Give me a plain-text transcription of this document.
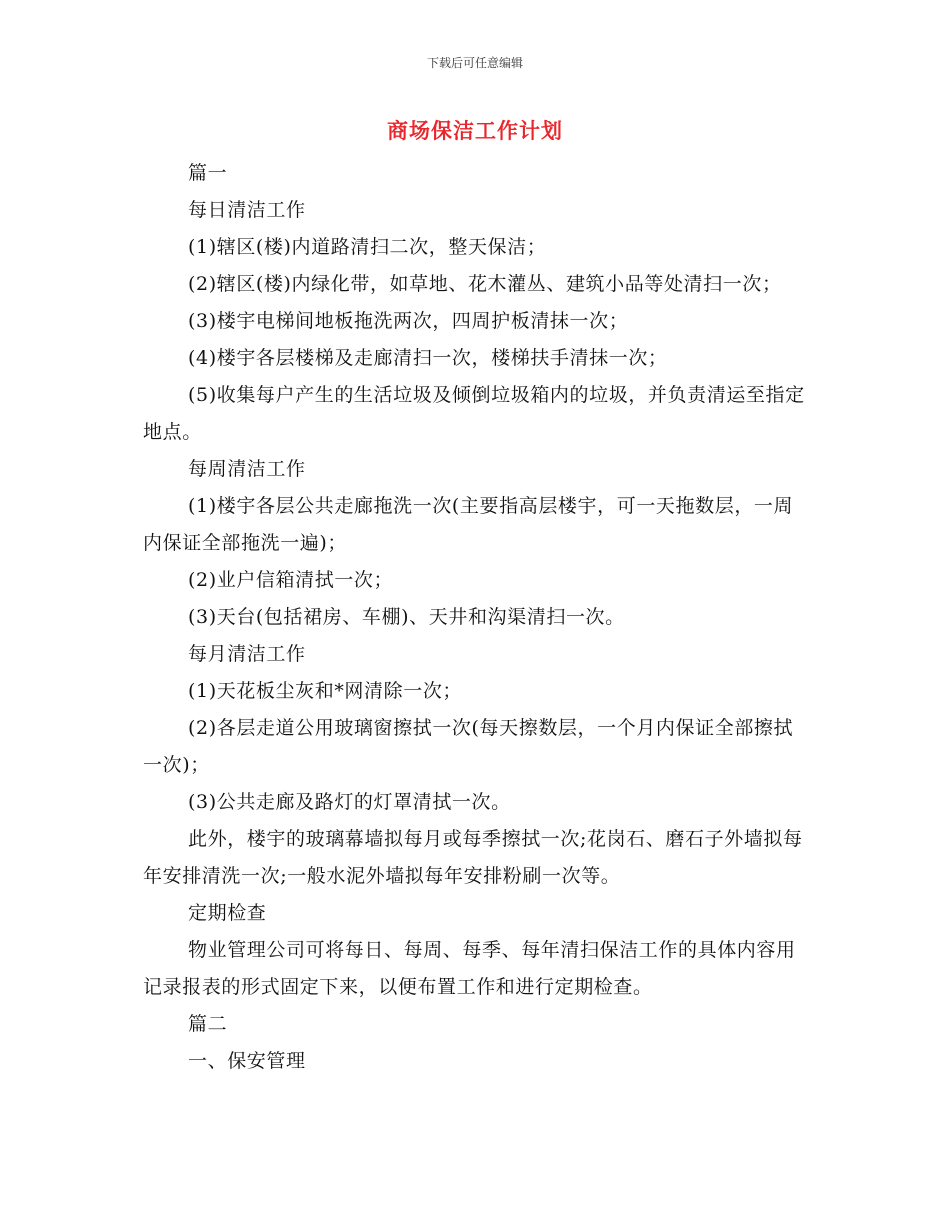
下载后可任意编辑
商场保洁工作计划

篇一

每日清洁工作

(1)辖区(楼)内道路清扫二次，整天保洁；

(2)辖区(楼)内绿化带，如草地、花木灌丛、建筑小品等处清扫一次；

(3)楼宇电梯间地板拖洗两次，四周护板清抹一次；

(4)楼宇各层楼梯及走廊清扫一次，楼梯扶手清抹一次；

(5)收集每户产生的生活垃圾及倾倒垃圾箱内的垃圾，并负责清运至指定地点。

每周清洁工作

(1)楼宇各层公共走廊拖洗一次(主要指高层楼宇，可一天拖数层，一周内保证全部拖洗一遍)；

(2)业户信箱清拭一次；

(3)天台(包括裙房、车棚)、天井和沟渠清扫一次。

每月清洁工作

(1)天花板尘灰和*网清除一次；

(2)各层走道公用玻璃窗擦拭一次(每天擦数层，一个月内保证全部擦拭一次)；

(3)公共走廊及路灯的灯罩清拭一次。

此外，楼宇的玻璃幕墙拟每月或每季擦拭一次;花岗石、磨石子外墙拟每年安排清洗一次;一般水泥外墙拟每年安排粉刷一次等。

定期检查

物业管理公司可将每日、每周、每季、每年清扫保洁工作的具体内容用记录报表的形式固定下来，以便布置工作和进行定期检查。

篇二

一、保安管理
